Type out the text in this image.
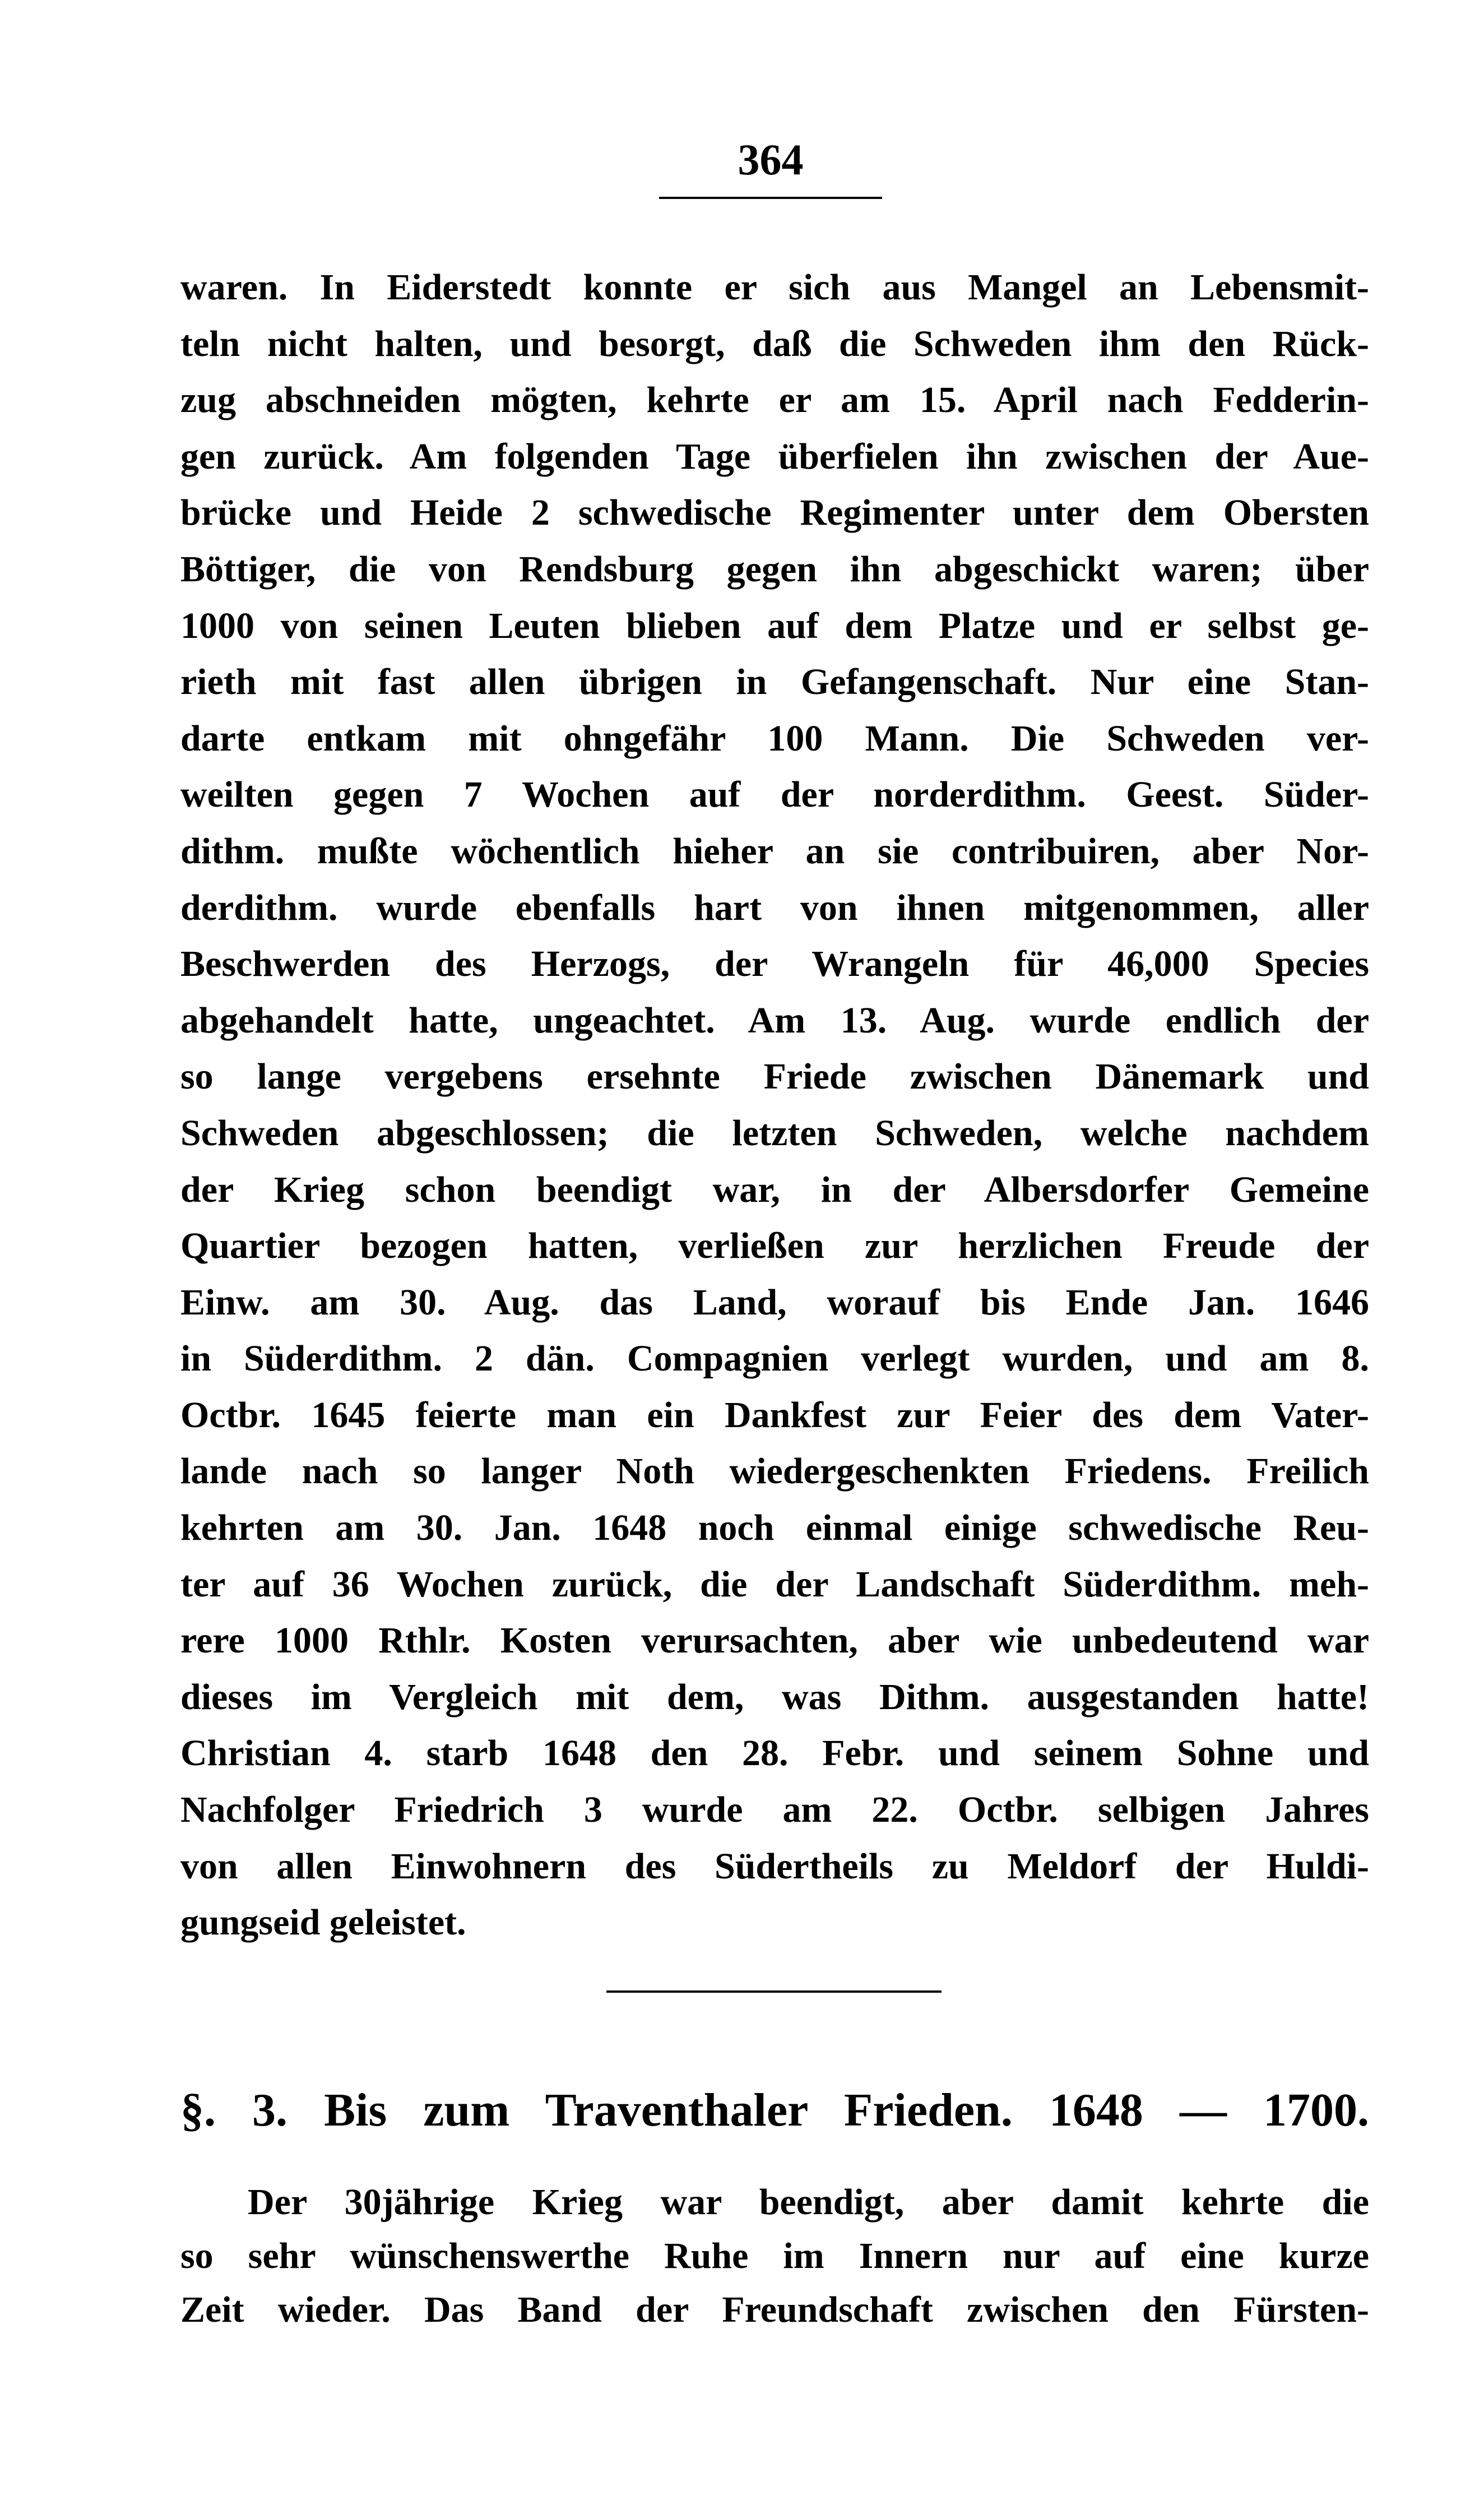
364
waren. In Eiderstedt konnte er sich aus Mangel an Lebensmit-
teln nicht halten, und besorgt, daß die Schweden ihm den Rück-
zug abschneiden mögten, kehrte er am 15. April nach Fedderin-
gen zurück. Am folgenden Tage überfielen ihn zwischen der Aue-
brücke und Heide 2 schwedische Regimenter unter dem Obersten
Böttiger, die von Rendsburg gegen ihn abgeschickt waren; über
1000 von seinen Leuten blieben auf dem Platze und er selbst ge-
rieth mit fast allen übrigen in Gefangenschaft. Nur eine Stan-
darte entkam mit ohngefähr 100 Mann. Die Schweden ver-
weilten gegen 7 Wochen auf der norderdithm. Geest. Süder-
dithm. mußte wöchentlich hieher an sie contribuiren, aber Nor-
derdithm. wurde ebenfalls hart von ihnen mitgenommen, aller
Beschwerden des Herzogs, der Wrangeln für 46,000 Species
abgehandelt hatte, ungeachtet. Am 13. Aug. wurde endlich der
so lange vergebens ersehnte Friede zwischen Dänemark und
Schweden abgeschlossen; die letzten Schweden, welche nachdem
der Krieg schon beendigt war, in der Albersdorfer Gemeine
Quartier bezogen hatten, verließen zur herzlichen Freude der
Einw. am 30. Aug. das Land, worauf bis Ende Jan. 1646
in Süderdithm. 2 dän. Compagnien verlegt wurden, und am 8.
Octbr. 1645 feierte man ein Dankfest zur Feier des dem Vater-
lande nach so langer Noth wiedergeschenkten Friedens. Freilich
kehrten am 30. Jan. 1648 noch einmal einige schwedische Reu-
ter auf 36 Wochen zurück, die der Landschaft Süderdithm. meh-
rere 1000 Rthlr. Kosten verursachten, aber wie unbedeutend war
dieses im Vergleich mit dem, was Dithm. ausgestanden hatte!
Christian 4. starb 1648 den 28. Febr. und seinem Sohne und
Nachfolger Friedrich 3 wurde am 22. Octbr. selbigen Jahres
von allen Einwohnern des Südertheils zu Meldorf der Huldi-
gungseid geleistet.
§. 3. Bis zum Traventhaler Frieden. 1648 — 1700.
Der 30jährige Krieg war beendigt, aber damit kehrte die
so sehr wünschenswerthe Ruhe im Innern nur auf eine kurze
Zeit wieder. Das Band der Freundschaft zwischen den Fürsten-
